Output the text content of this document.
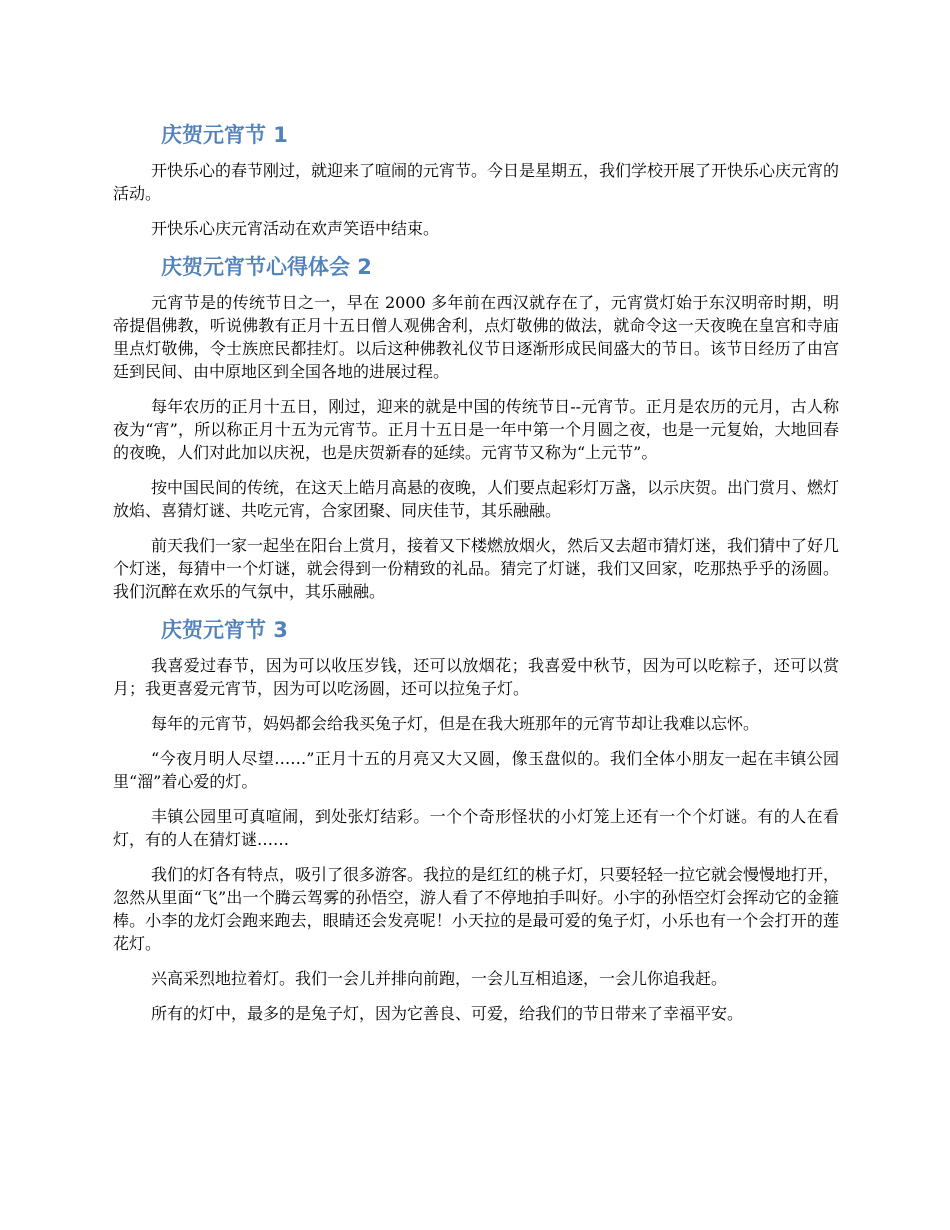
庆贺元宵节 1

开快乐心的春节刚过，就迎来了喧闹的元宵节。今日是星期五，我们学校开展了开快乐心庆元宵的活动。

开快乐心庆元宵活动在欢声笑语中结束。

庆贺元宵节心得体会 2

元宵节是的传统节日之一，早在 2000 多年前在西汉就存在了，元宵赏灯始于东汉明帝时期，明帝提倡佛教，听说佛教有正月十五日僧人观佛舍利，点灯敬佛的做法，就命令这一天夜晚在皇宫和寺庙里点灯敬佛，令士族庶民都挂灯。以后这种佛教礼仪节日逐渐形成民间盛大的节日。该节日经历了由宫廷到民间、由中原地区到全国各地的进展过程。

每年农历的正月十五日，刚过，迎来的就是中国的传统节日--元宵节。正月是农历的元月，古人称夜为“宵”，所以称正月十五为元宵节。正月十五日是一年中第一个月圆之夜，也是一元复始，大地回春的夜晚，人们对此加以庆祝，也是庆贺新春的延续。元宵节又称为“上元节”。

按中国民间的传统，在这天上皓月高悬的夜晚，人们要点起彩灯万盏，以示庆贺。出门赏月、燃灯放焰、喜猜灯谜、共吃元宵，合家团聚、同庆佳节，其乐融融。

前天我们一家一起坐在阳台上赏月，接着又下楼燃放烟火，然后又去超市猜灯迷，我们猜中了好几个灯迷，每猜中一个灯谜，就会得到一份精致的礼品。猜完了灯谜，我们又回家，吃那热乎乎的汤圆。我们沉醉在欢乐的气氛中，其乐融融。

庆贺元宵节 3

我喜爱过春节，因为可以收压岁钱，还可以放烟花；我喜爱中秋节，因为可以吃粽子，还可以赏月；我更喜爱元宵节，因为可以吃汤圆，还可以拉兔子灯。

每年的元宵节，妈妈都会给我买兔子灯，但是在我大班那年的元宵节却让我难以忘怀。

“今夜月明人尽望……”正月十五的月亮又大又圆，像玉盘似的。我们全体小朋友一起在丰镇公园里“溜”着心爱的灯。

丰镇公园里可真喧闹，到处张灯结彩。一个个奇形怪状的小灯笼上还有一个个灯谜。有的人在看灯，有的人在猜灯谜……

我们的灯各有特点，吸引了很多游客。我拉的是红红的桃子灯，只要轻轻一拉它就会慢慢地打开，忽然从里面“飞”出一个腾云驾雾的孙悟空，游人看了不停地拍手叫好。小宇的孙悟空灯会挥动它的金箍棒。小李的龙灯会跑来跑去，眼睛还会发亮呢！小天拉的是最可爱的兔子灯，小乐也有一个会打开的莲花灯。

兴高采烈地拉着灯。我们一会儿并排向前跑，一会儿互相追逐，一会儿你追我赶。

所有的灯中，最多的是兔子灯，因为它善良、可爱，给我们的节日带来了幸福平安。
